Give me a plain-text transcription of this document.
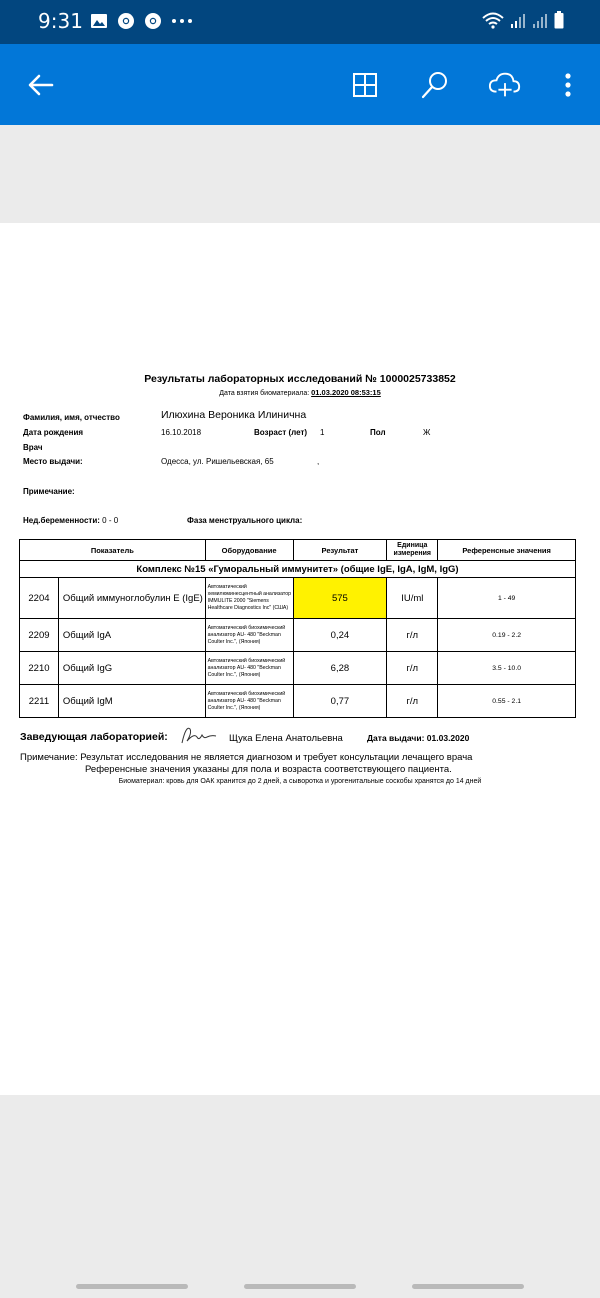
9:31
Результаты лабораторных исследований № 1000025733852
Дата взятия биоматериала: 01.03.2020 08:53:15
Фамилия, имя, отчество	Илюхина Вероника Илинична
Дата рождения	16.10.2018	Возраст (лет) 1	Пол	Ж
Врач
Место выдачи:	Одесса, ул. Ришельевская, 65	,
Примечание:
Нед.беременности: 0 - 0	Фаза менструального цикла:
Показатель		Оборудование	Результат	Единица измерения	Референсные значения
Комплекс №15 «Гуморальный иммунитет» (общие IgE, IgA, IgM, IgG)					
2204	Общий иммуноглобулин Е (IgE)	Автоматический хемилюминесцентный анализатор IMMULITE 2000 "Siemens Healthcare Diagnostics Inc" (США)	575	IU/ml	1 - 49
2209	Общий IgA	Автоматический биохимический анализатор AU- 480 "Beckman Coulter Inc.", (Япония)	0,24	г/л	0.19 - 2.2
2210	Общий IgG	Автоматический биохимический анализатор AU- 480 "Beckman Coulter Inc.", (Япония)	6,28	г/л	3.5 - 10.0
2211	Общий IgM	Автоматический биохимический анализатор AU- 480 "Beckman Coulter Inc.", (Япония)	0,77	г/л	0.55 - 2.1
Заведующая лабораторией:	Щука Елена Анатольевна	Дата выдачи: 01.03.2020
Примечание: Результат исследования не является диагнозом и требует консультации лечащего врача
Референсные значения указаны для пола и возраста соответствующего пациента.
Биоматериал: кровь для ОАК хранится до 2 дней, а сыворотка и урогенитальные соскобы хранятся до 14 дней
